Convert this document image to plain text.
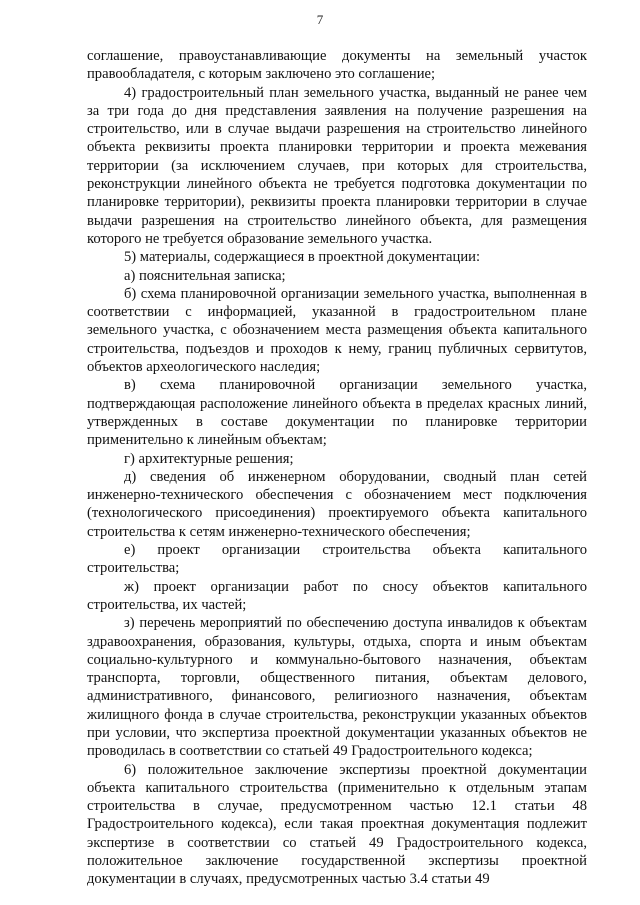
7

соглашение, правоустанавливающие документы на земельный участок правообладателя, с которым заключено это соглашение;

4) градостроительный план земельного участка, выданный не ранее чем за три года до дня представления заявления на получение разрешения на строительство, или в случае выдачи разрешения на строительство линейного объекта реквизиты проекта планировки территории и проекта межевания территории (за исключением случаев, при которых для строительства, реконструкции линейного объекта не требуется подготовка документации по планировке территории), реквизиты проекта планировки территории в случае выдачи разрешения на строительство линейного объекта, для размещения которого не требуется образование земельного участка.

5) материалы, содержащиеся в проектной документации:

а) пояснительная записка;

б) схема планировочной организации земельного участка, выполненная в соответствии с информацией, указанной в градостроительном плане земельного участка, с обозначением места размещения объекта капитального строительства, подъездов и проходов к нему, границ публичных сервитутов, объектов археологического наследия;

в) схема планировочной организации земельного участка, подтверждающая расположение линейного объекта в пределах красных линий, утвержденных в составе документации по планировке территории применительно к линейным объектам;

г) архитектурные решения;

д) сведения об инженерном оборудовании, сводный план сетей инженерно-технического обеспечения с обозначением мест подключения (технологического присоединения) проектируемого объекта капитального строительства к сетям инженерно-технического обеспечения;

е) проект организации строительства объекта капитального строительства;

ж) проект организации работ по сносу объектов капитального строительства, их частей;

з) перечень мероприятий по обеспечению доступа инвалидов к объектам здравоохранения, образования, культуры, отдыха, спорта и иным объектам социально-культурного и коммунально-бытового назначения, объектам транспорта, торговли, общественного питания, объектам делового, административного, финансового, религиозного назначения, объектам жилищного фонда в случае строительства, реконструкции указанных объектов при условии, что экспертиза проектной документации указанных объектов не проводилась в соответствии со статьей 49 Градостроительного кодекса;

6) положительное заключение экспертизы проектной документации объекта капитального строительства (применительно к отдельным этапам строительства в случае, предусмотренном частью 12.1 статьи 48 Градостроительного кодекса), если такая проектная документация подлежит экспертизе в соответствии со статьей 49 Градостроительного кодекса, положительное заключение государственной экспертизы проектной документации в случаях, предусмотренных частью 3.4 статьи 49
